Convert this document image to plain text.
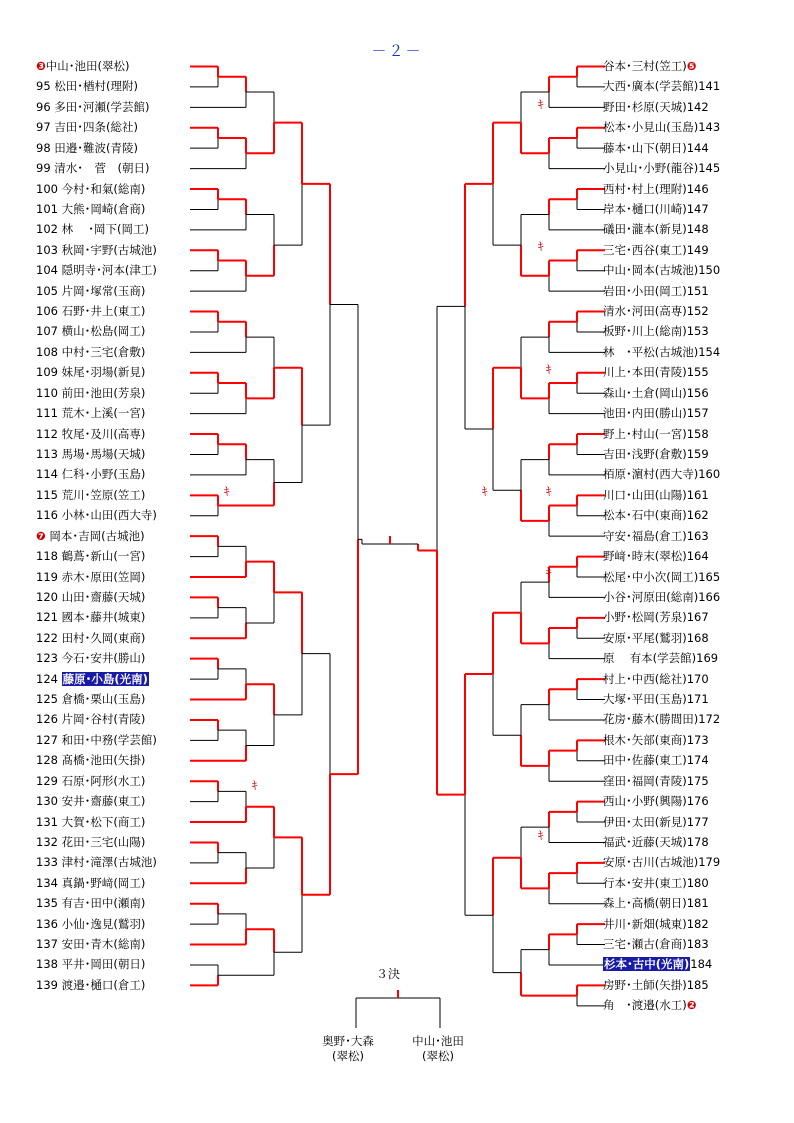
－２－
ｷ
ｷ
ｷ
ｷ
ｷ
ｷ
ｷ
ｷ
ｷ
❸中山･池田(翠松)
95 松田･楢村(理附)
96 多田･河瀬(学芸館)
97 吉田･四条(総社)
98 田邉･難波(青陵)
99 清水･　菅　(朝日)
100 今村･和氣(総南)
101 大熊･岡崎(倉商)
102 林　 ･岡下(岡工)
103 秋岡･宇野(古城池)
104 隠明寺･河本(津工)
105 片岡･塚常(玉商)
106 石野･井上(東工)
107 横山･松島(岡工)
108 中村･三宅(倉敷)
109 妹尾･羽場(新見)
110 前田･池田(芳泉)
111 荒木･上溪(一宮)
112 牧尾･及川(高専)
113 馬場･馬場(天城)
114 仁科･小野(玉島)
115 荒川･笠原(笠工)
116 小林･山田(西大寺)
❼ 岡本･吉岡(古城池)
118 鶴蔦･新山(一宮)
119 赤木･原田(笠岡)
120 山田･齋藤(天城)
121 國本･藤井(城東)
122 田村･久岡(東商)
123 今石･安井(勝山)
124 藤原･小島(光南)
125 倉橋･栗山(玉島)
126 片岡･谷村(青陵)
127 和田･中務(学芸館)
128 髙橋･池田(矢掛)
129 石原･阿形(水工)
130 安井･齋藤(東工)
131 大賀･松下(商工)
132 花田･三宅(山陽)
133 津村･滝澤(古城池)
134 真鍋･野﨑(岡工)
135 有吉･田中(瀬南)
136 小仙･逸見(鷲羽)
137 安田･青木(総南)
138 平井･岡田(朝日)
139 渡邉･樋口(倉工)
谷本･三村(笠工)❺
大西･廣本(学芸館)141
野田･杉原(天城)142
松本･小見山(玉島)143
藤本･山下(朝日)144
小見山･小野(龍谷)145
西村･村上(理附)146
岸本･樋口(川崎)147
礒田･瀧本(新見)148
三宅･西谷(東工)149
中山･岡本(古城池)150
岩田･小田(岡工)151
清水･河田(高専)152
板野･川上(総南)153
林　･平松(古城池)154
川上･本田(青陵)155
森山･土倉(岡山)156
池田･内田(勝山)157
野上･村山(一宮)158
吉田･浅野(倉敷)159
栢原･濵村(西大寺)160
川口･山田(山陽)161
松本･石中(東商)162
守安･福島(倉工)163
野﨑･時末(翠松)164
松尾･中小次(岡工)165
小谷･河原田(総南)166
小野･松岡(芳泉)167
安原･平尾(鷲羽)168
原　 有本(学芸館)169
村上･中西(総社)170
大塚･平田(玉島)171
花房･藤木(勝間田)172
根木･矢部(東商)173
田中･佐藤(東工)174
窪田･福岡(青陵)175
西山･小野(興陽)176
伊田･太田(新見)177
福武･近藤(天城)178
安原･古川(古城池)179
行本･安井(東工)180
森上･高橋(朝日)181
井川･新畑(城東)182
三宅･瀬古(倉商)183
杉本･古中(光南)184
房野･土師(矢掛)185
角　･渡邉(水工)❷
３決
奥野･大森
(翠松)
中山･池田
(翠松)
